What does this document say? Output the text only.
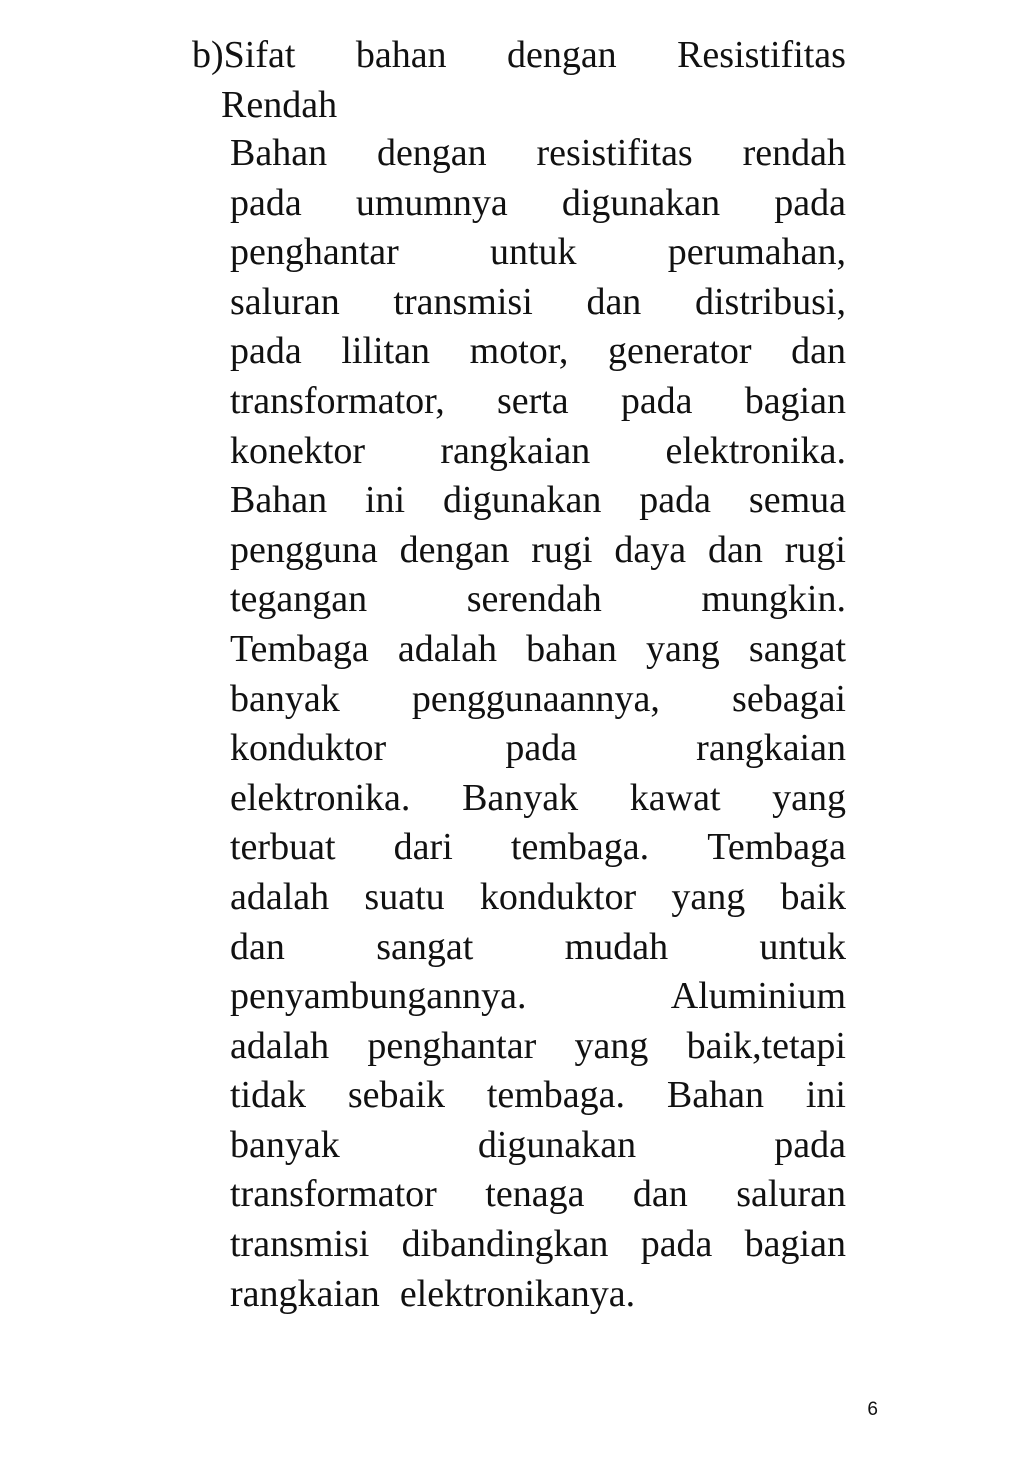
b)Sifat bahan dengan Resistifitas
Rendah
Bahan dengan resistifitas rendah
pada umumnya digunakan pada
penghantar untuk perumahan,
saluran transmisi dan distribusi,
pada lilitan motor, generator dan
transformator, serta pada bagian
konektor rangkaian elektronika.
Bahan ini digunakan pada semua
pengguna dengan rugi daya dan rugi
tegangan	serendah	mungkin.
Tembaga adalah bahan yang sangat
banyak penggunaannya, sebagai
konduktor	pada	rangkaian
elektronika. Banyak kawat yang
terbuat dari tembaga. Tembaga
adalah suatu konduktor yang baik
dan sangat mudah untuk
penyambungannya.	Aluminium
adalah penghantar yang baik,tetapi
tidak sebaik tembaga. Bahan ini
banyak	digunakan	pada
transformator tenaga dan saluran
transmisi dibandingkan pada bagian
rangkaian elektronikanya.
6
